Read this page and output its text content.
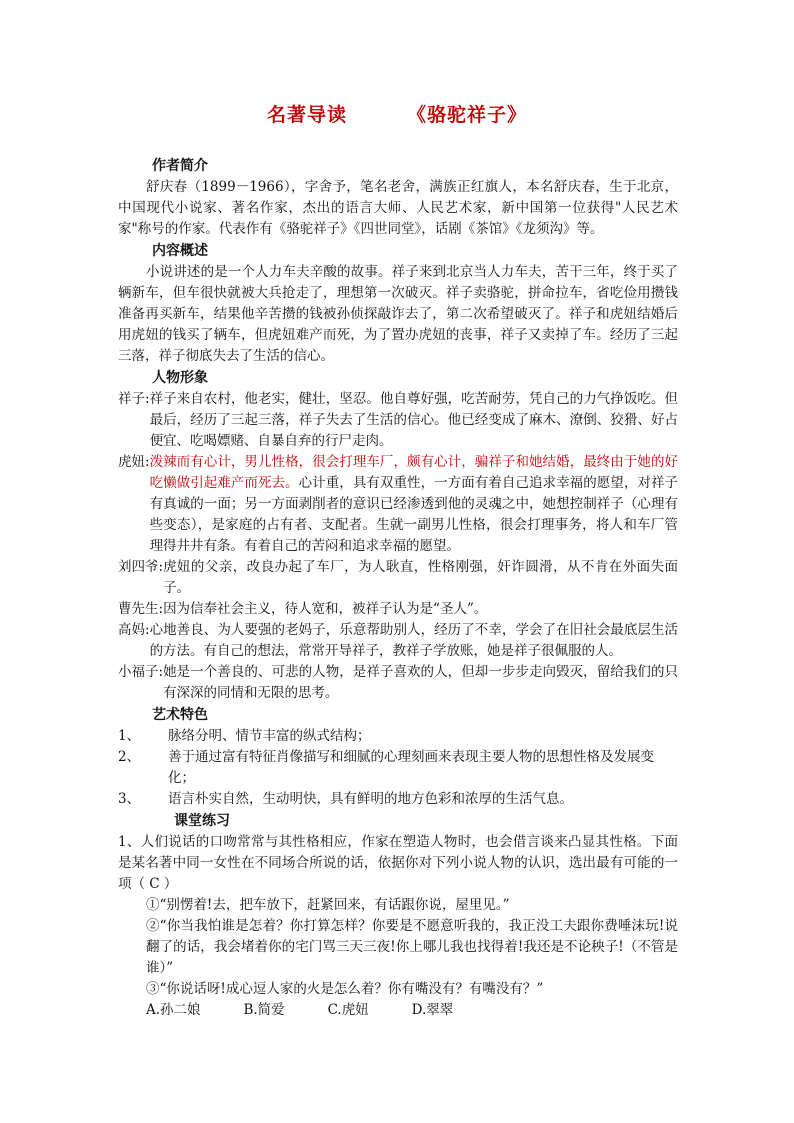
名著导读	《骆驼祥子》
作者简介

舒庆春（1899－1966），字舍予，笔名老舍，满族正红旗人，本名舒庆春，生于北京，中国现代小说家、著名作家，杰出的语言大师、人民艺术家，新中国第一位获得"人民艺术家"称号的作家。代表作有《骆驼祥子》《四世同堂》，话剧《茶馆》《龙须沟》等。

内容概述

小说讲述的是一个人力车夫辛酸的故事。祥子来到北京当人力车夫，苦干三年，终于买了辆新车，但车很快就被大兵抢走了，理想第一次破灭。祥子卖骆驼，拼命拉车，省吃俭用攒钱准备再买新车，结果他辛苦攒的钱被孙侦探敲诈去了，第二次希望破灭了。祥子和虎妞结婚后用虎妞的钱买了辆车，但虎妞难产而死，为了置办虎妞的丧事，祥子又卖掉了车。经历了三起三落，祥子彻底失去了生活的信心。

人物形象
祥子: 祥子来自农村，他老实，健壮，坚忍。他自尊好强，吃苦耐劳，凭自己的力气挣饭吃。但最后，经历了三起三落，祥子失去了生活的信心。他已经变成了麻木、潦倒、狡猾、好占便宜、吃喝嫖赌、自暴自弃的行尸走肉。
虎妞: 泼辣而有心计，男儿性格，很会打理车厂，颇有心计，骗祥子和她结婚，最终由于她的好吃懒做引起难产而死去。心计重，具有双重性，一方面有着自己追求幸福的愿望，对祥子有真诚的一面；另一方面剥削者的意识已经渗透到他的灵魂之中，她想控制祥子（心理有些变态），是家庭的占有者、支配者。生就一副男儿性格，很会打理事务，将人和车厂管理得井井有条。有着自己的苦闷和追求幸福的愿望。
刘四爷: 虎妞的父亲，改良办起了车厂，为人耿直，性格刚强，奸诈圆滑，从不肯在外面失面子。
曹先生: 因为信奉社会主义，待人宽和，被祥子认为是“圣人”。
高妈: 心地善良、为人要强的老妈子，乐意帮助别人，经历了不幸，学会了在旧社会最底层生活的方法。有自己的想法，常常开导祥子，教祥子学放账，她是祥子很佩服的人。
小福子: 她是一个善良的、可悲的人物，是祥子喜欢的人，但却一步步走向毁灭，留给我们的只有深深的同情和无限的思考。
艺术特色
1、	脉络分明、情节丰富的纵式结构；
2、	善于通过富有特征肖像描写和细腻的心理刻画来表现主要人物的思想性格及发展变化；
3、	语言朴实自然，生动明快，具有鲜明的地方色彩和浓厚的生活气息。
课堂练习

1、人们说话的口吻常常与其性格相应，作家在塑造人物时，也会借言谈来凸显其性格。下面是某名著中同一女性在不同场合所说的话，依据你对下列小说人物的认识，选出最有可能的一项（ C ）

①“别愣着!去，把车放下，赶紧回来，有话跟你说，屋里见。”

②“你当我怕谁是怎着？你打算怎样？你要是不愿意听我的，我正没工夫跟你费唾沫玩!说翻了的话，我会堵着你的宅门骂三天三夜!你上哪儿我也找得着!我还是不论秧子!（不管是谁）”

③“你说话呀!成心逗人家的火是怎么着？你有嘴没有？有嘴没有？”

A.孙二娘          B.简爱          C.虎妞          D.翠翠
